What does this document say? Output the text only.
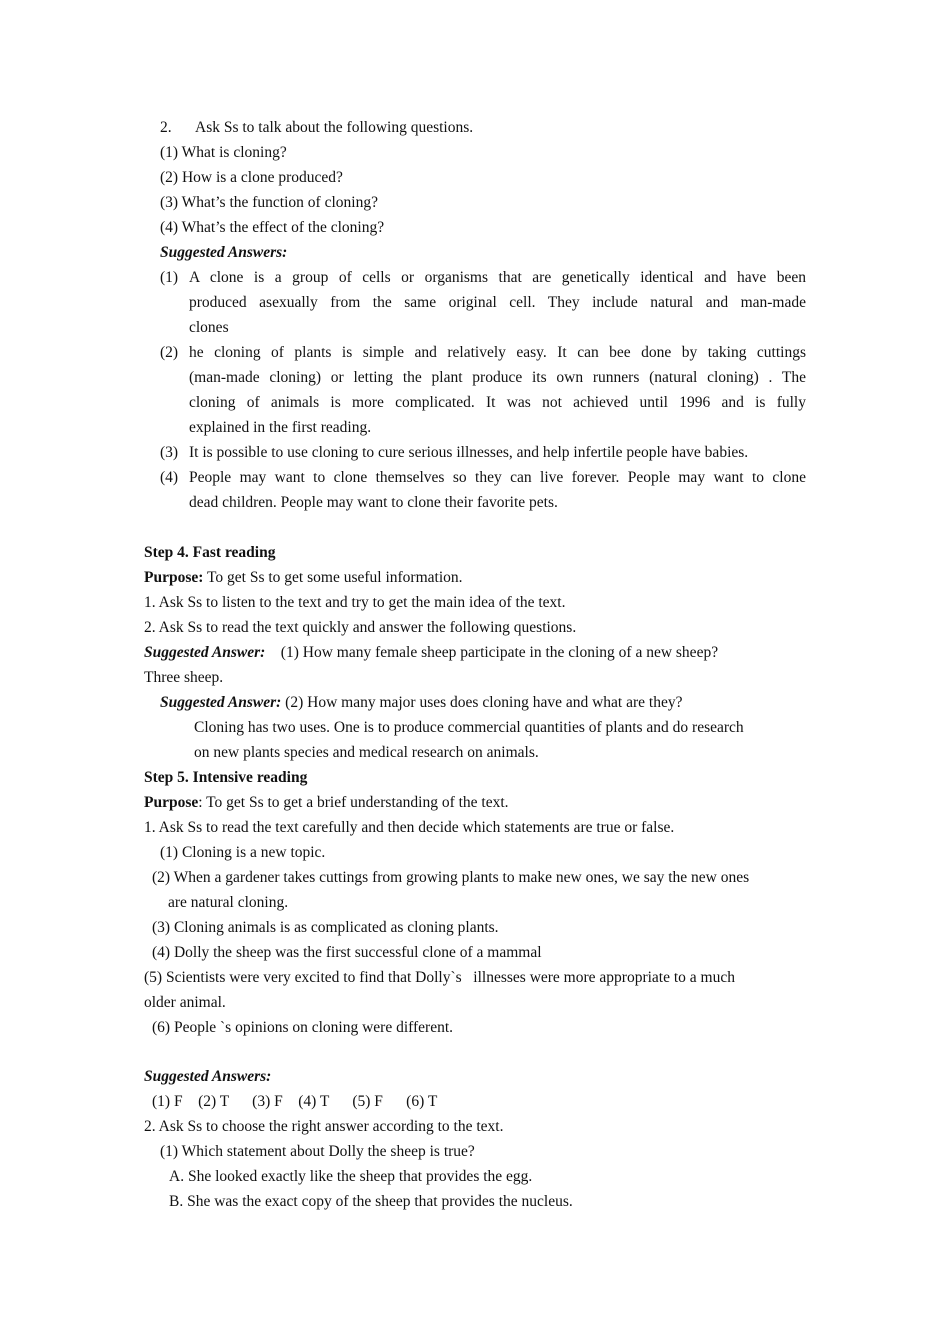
2. Ask Ss to talk about the following questions.
(1) What is cloning?
(2) How is a clone produced?
(3) What’s the function of cloning?
(4) What’s the effect of the cloning?
Suggested Answers:
(1) A clone is a group of cells or organisms that are genetically identical and have been
produced asexually from the same original cell. They include natural and man-made
clones
(2) he cloning of plants is simple and relatively easy. It can bee done by taking cuttings
(man-made cloning) or letting the plant produce its own runners (natural cloning) . The
cloning of animals is more complicated. It was not achieved until 1996 and is fully
explained in the first reading.
(3) It is possible to use cloning to cure serious illnesses, and help infertile people have babies.
(4) People may want to clone themselves so they can live forever. People may want to clone
dead children. People may want to clone their favorite pets.
Step 4. Fast reading
Purpose: To get Ss to get some useful information.
1. Ask Ss to listen to the text and try to get the main idea of the text.
2. Ask Ss to read the text quickly and answer the following questions.
Suggested Answer:    (1) How many female sheep participate in the cloning of a new sheep?
Three sheep.
Suggested Answer: (2) How many major uses does cloning have and what are they?
Cloning has two uses. One is to produce commercial quantities of plants and do research
on new plants species and medical research on animals.
Step 5. Intensive reading
Purpose: To get Ss to get a brief understanding of the text.
1. Ask Ss to read the text carefully and then decide which statements are true or false.
(1) Cloning is a new topic.
(2) When a gardener takes cuttings from growing plants to make new ones, we say the new ones
are natural cloning.
(3) Cloning animals is as complicated as cloning plants.
(4) Dolly the sheep was the first successful clone of a mammal
(5) Scientists were very excited to find that Dolly`s   illnesses were more appropriate to a much
older animal.
(6) People `s opinions on cloning were different.
Suggested Answers:
(1) F    (2) T      (3) F    (4) T      (5) F      (6) T
2. Ask Ss to choose the right answer according to the text.
(1) Which statement about Dolly the sheep is true?
A. She looked exactly like the sheep that provides the egg.
B. She was the exact copy of the sheep that provides the nucleus.
